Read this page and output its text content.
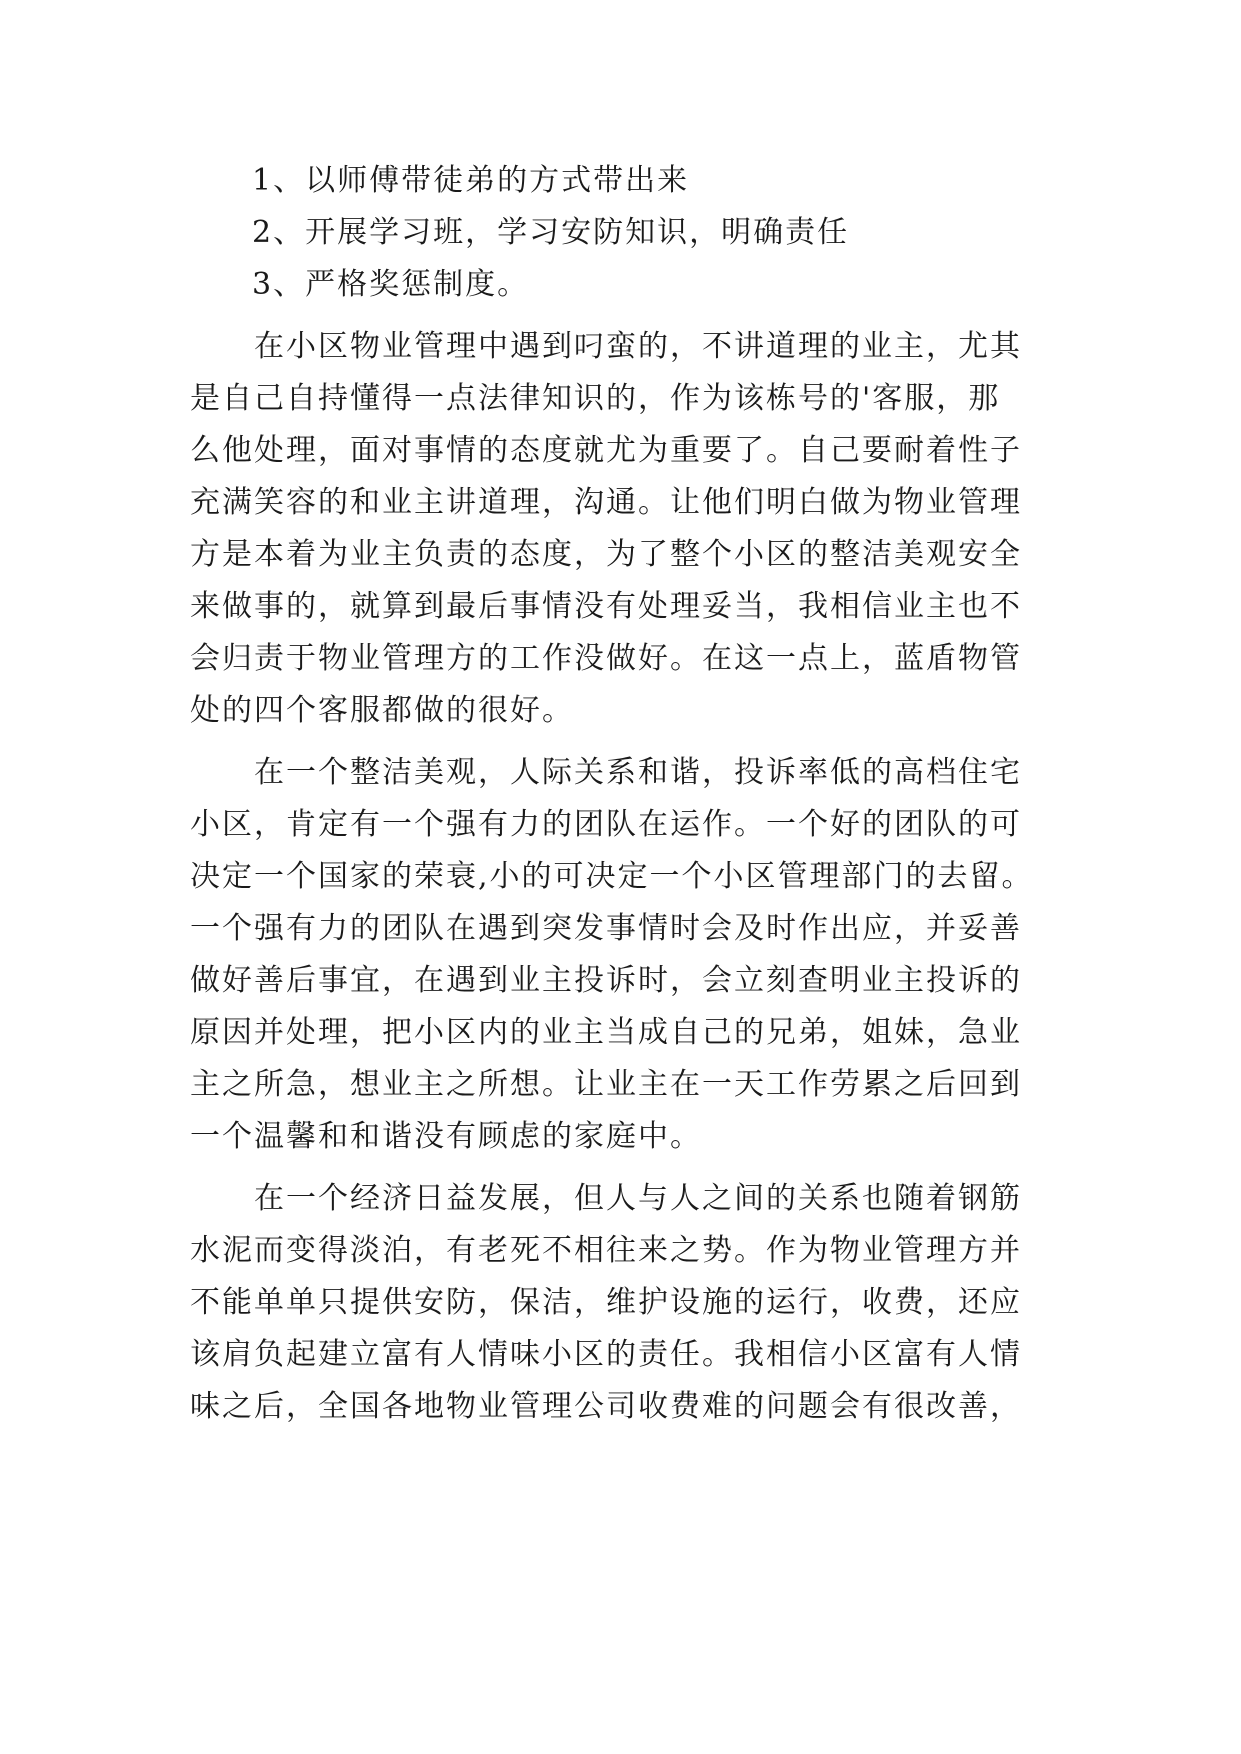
1、以师傅带徒弟的方式带出来
2、开展学习班，学习安防知识，明确责任
3、严格奖惩制度。
　　在小区物业管理中遇到叼蛮的，不讲道理的业主，尤其
是自己自持懂得一点法律知识的，作为该栋号的'客服，那
么他处理，面对事情的态度就尤为重要了。自己要耐着性子
充满笑容的和业主讲道理，沟通。让他们明白做为物业管理
方是本着为业主负责的态度，为了整个小区的整洁美观安全
来做事的，就算到最后事情没有处理妥当，我相信业主也不
会归责于物业管理方的工作没做好。在这一点上，蓝盾物管
处的四个客服都做的很好。
　　在一个整洁美观，人际关系和谐，投诉率低的高档住宅
小区，肯定有一个强有力的团队在运作。一个好的团队的可
决定一个国家的荣衰,小的可决定一个小区管理部门的去留。
一个强有力的团队在遇到突发事情时会及时作出应，并妥善
做好善后事宜，在遇到业主投诉时，会立刻查明业主投诉的
原因并处理，把小区内的业主当成自己的兄弟，姐妹，急业
主之所急，想业主之所想。让业主在一天工作劳累之后回到
一个温馨和和谐没有顾虑的家庭中。
　　在一个经济日益发展，但人与人之间的关系也随着钢筋
水泥而变得淡泊，有老死不相往来之势。作为物业管理方并
不能单单只提供安防，保洁，维护设施的运行，收费，还应
该肩负起建立富有人情味小区的责任。我相信小区富有人情
味之后，全国各地物业管理公司收费难的问题会有很改善，
